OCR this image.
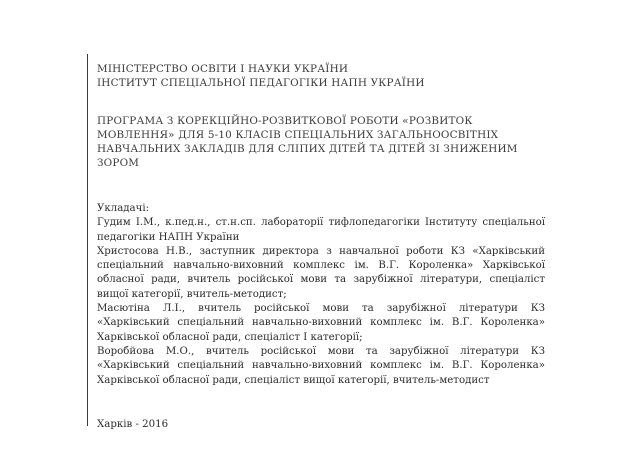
МІНІСТЕРСТВО ОСВІТИ І НАУКИ УКРАЇНИ
ІНСТИТУТ СПЕЦІАЛЬНОЇ ПЕДАГОГІКИ НАПН УКРАЇНИ
ПРОГРАМА З КОРЕКЦІЙНО-РОЗВИТКОВОЇ РОБОТИ «РОЗВИТОК
МОВЛЕННЯ» ДЛЯ 5-10 КЛАСІВ СПЕЦІАЛЬНИХ ЗАГАЛЬНООСВІТНІХ
НАВЧАЛЬНИХ ЗАКЛАДІВ ДЛЯ СЛІПИХ ДІТЕЙ ТА ДІТЕЙ ЗІ ЗНИЖЕНИМ
ЗОРОМ
Укладачі:

Гудим І.М., к.пед.н., ст.н.сп. лабораторії тифлопедагогіки Інституту спеціальної
педагогіки НАПН України

Христосова Н.В., заступник директора з навчальної роботи КЗ «Харківський
спеціальний навчально-виховний комплекс ім. В.Г. Короленка» Харківської
обласної ради, вчитель російської мови та зарубіжної літератури, спеціаліст
вищої категорії, вчитель-методист;

Масютіна Л.І., вчитель російської мови та зарубіжної літератури КЗ
«Харківський спеціальний навчально-виховний комплекс ім. В.Г. Короленка»
Харківської обласної ради, спеціаліст І категорії;

Воробйова М.О., вчитель російської мови та зарубіжної літератури КЗ
«Харківський спеціальний навчально-виховний комплекс ім. В.Г. Короленка»
Харківської обласної ради, спеціаліст вищої категорії, вчитель-методист

Харків - 2016
